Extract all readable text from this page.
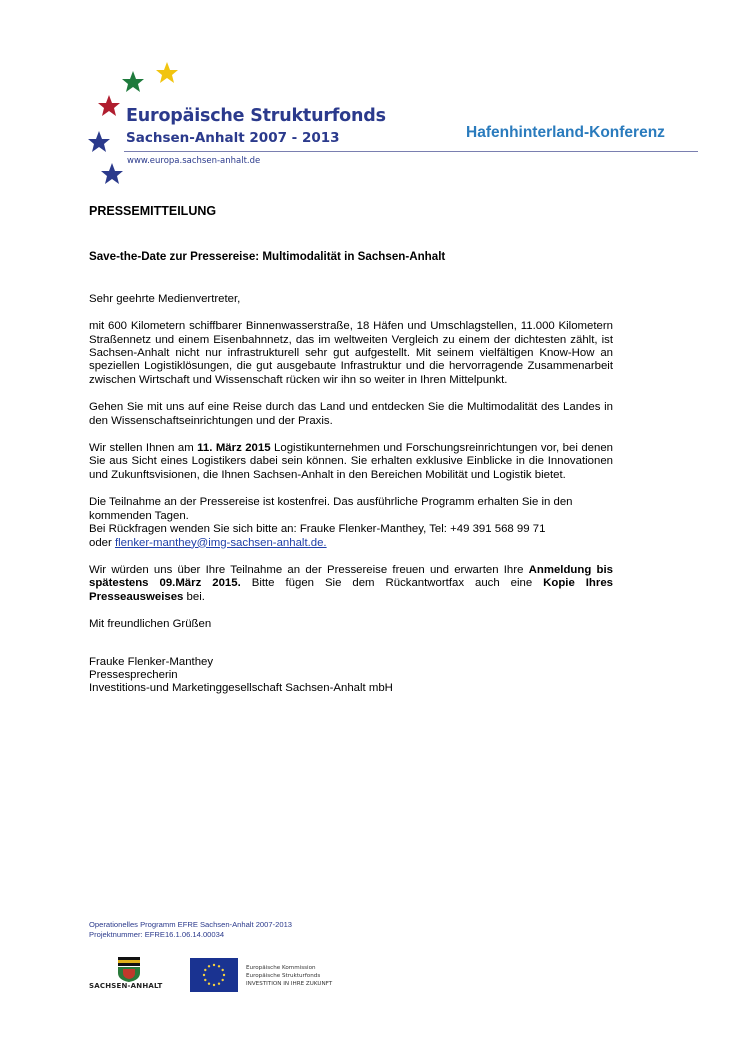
Europäische Strukturfonds
Sachsen-Anhalt 2007 - 2013
www.europa.sachsen-anhalt.de
Hafenhinterland-Konferenz

PRESSEMITTEILUNG

Save-the-Date zur Pressereise: Multimodalität in Sachsen-Anhalt

Sehr geehrte Medienvertreter,

mit 600 Kilometern schiffbarer Binnenwasserstraße, 18 Häfen und Umschlagstellen, 11.000 Kilometern Straßennetz und einem Eisenbahnnetz, das im weltweiten Vergleich zu einem der dichtesten zählt, ist Sachsen-Anhalt nicht nur infrastrukturell sehr gut aufgestellt. Mit seinem vielfältigen Know-How an speziellen Logistiklösungen, die gut ausgebaute Infrastruktur und die hervorragende Zusammenarbeit zwischen Wirtschaft und Wissenschaft rücken wir ihn so weiter in Ihren Mittelpunkt.

Gehen Sie mit uns auf eine Reise durch das Land und entdecken Sie die Multimodalität des Landes in den Wissenschaftseinrichtungen und der Praxis.

Wir stellen Ihnen am 11. März 2015 Logistikunternehmen und Forschungsreinrichtungen vor, bei denen Sie aus Sicht eines Logistikers dabei sein können. Sie erhalten exklusive Einblicke in die Innovationen und Zukunftsvisionen, die Ihnen Sachsen-Anhalt in den Bereichen Mobilität und Logistik bietet.

Die Teilnahme an der Pressereise ist kostenfrei. Das ausführliche Programm erhalten Sie in den kommenden Tagen.
Bei Rückfragen wenden Sie sich bitte an: Frauke Flenker-Manthey, Tel: +49 391 568 99 71
oder flenker-manthey@img-sachsen-anhalt.de.

Wir würden uns über Ihre Teilnahme an der Pressereise freuen und erwarten Ihre Anmeldung bis spätestens 09.März 2015. Bitte fügen Sie dem Rückantwortfax auch eine Kopie Ihres Presseausweises bei.

Mit freundlichen Grüßen

Frauke Flenker-Manthey
Pressesprecherin
Investitions-und Marketinggesellschaft Sachsen-Anhalt mbH

Operationelles Programm EFRE Sachsen-Anhalt 2007-2013
Projektnummer: EFRE16.1.06.14.00034
SACHSEN-ANHALT
Europäische Kommission
Europäische Strukturfonds
INVESTITION IN IHRE ZUKUNFT
